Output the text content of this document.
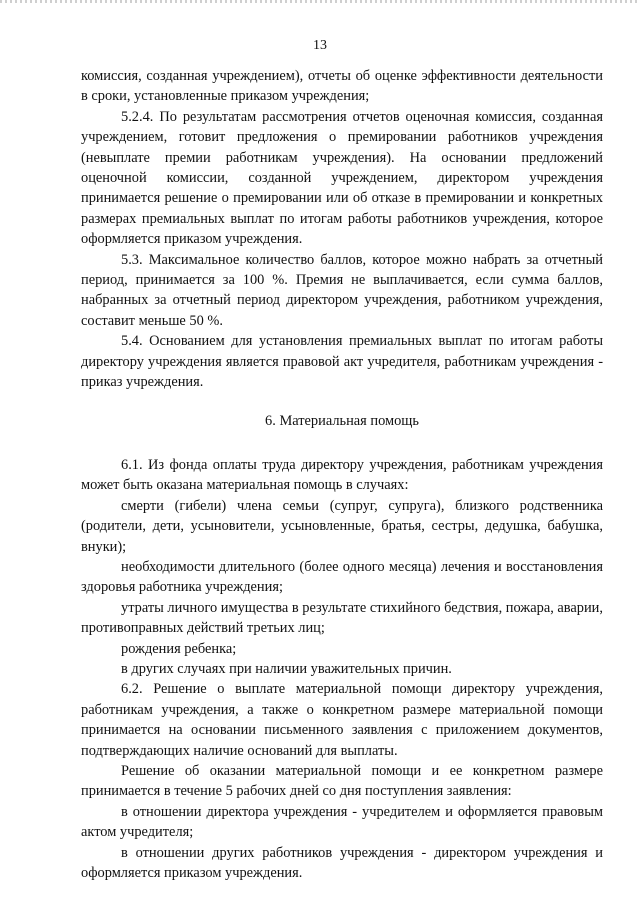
13

комиссия, созданная учреждением), отчеты об оценке эффективности деятельности в сроки, установленные приказом учреждения;

5.2.4. По результатам рассмотрения отчетов оценочная комиссия, созданная учреждением, готовит предложения о премировании работников учреждения (невыплате премии работникам учреждения). На основании предложений оценочной комиссии, созданной учреждением, директором учреждения принимается решение о премировании или об отказе в премировании и конкретных размерах премиальных выплат по итогам работы работников учреждения, которое оформляется приказом учреждения.

5.3. Максимальное количество баллов, которое можно набрать за отчетный период, принимается за 100 %. Премия не выплачивается, если сумма баллов, набранных за отчетный период директором учреждения, работником учреждения, составит меньше 50 %.

5.4. Основанием для установления премиальных выплат по итогам работы директору учреждения является правовой акт учредителя, работникам учреждения - приказ учреждения.

6. Материальная помощь

6.1. Из фонда оплаты труда директору учреждения, работникам учреждения может быть оказана материальная помощь в случаях:

смерти (гибели) члена семьи (супруг, супруга), близкого родственника (родители, дети, усыновители, усыновленные, братья, сестры, дедушка, бабушка, внуки);

необходимости длительного (более одного месяца) лечения и восстановления здоровья работника учреждения;

утраты личного имущества в результате стихийного бедствия, пожара, аварии, противоправных действий третьих лиц;

рождения ребенка;

в других случаях при наличии уважительных причин.

6.2. Решение о выплате материальной помощи директору учреждения, работникам учреждения, а также о конкретном размере материальной помощи принимается на основании письменного заявления с приложением документов, подтверждающих наличие оснований для выплаты.

Решение об оказании материальной помощи и ее конкретном размере принимается в течение 5 рабочих дней со дня поступления заявления:

в отношении директора учреждения - учредителем и оформляется правовым актом учредителя;

в отношении других работников учреждения - директором учреждения и оформляется приказом учреждения.
